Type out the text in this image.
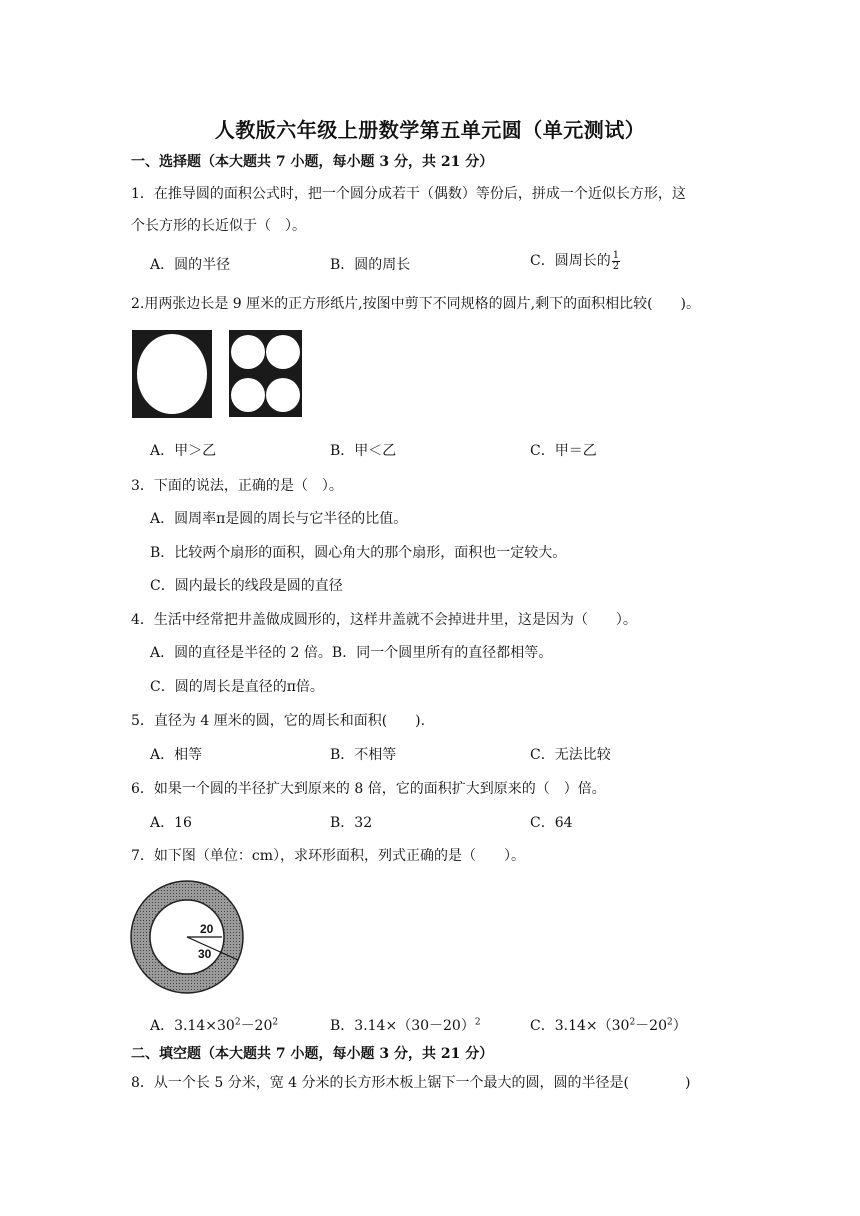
人教版六年级上册数学第五单元圆（单元测试）
一、选择题（本大题共 7 小题，每小题 3 分，共 21 分）
1．在推导圆的面积公式时，把一个圆分成若干（偶数）等份后，拼成一个近似长方形，这
个长方形的长近似于（　）。
A．圆的半径	B．圆的周长	C．圆周长的 $\frac{1}{2}$
2.用两张边长是 9 厘米的正方形纸片,按图中剪下不同规格的圆片,剩下的面积相比较(　　)。
A．甲＞乙	B．甲＜乙	C．甲＝乙
3．下面的说法，正确的是（　）。
A．圆周率π是圆的周长与它半径的比值。
B．比较两个扇形的面积，圆心角大的那个扇形，面积也一定较大。
C．圆内最长的线段是圆的直径
4．生活中经常把井盖做成圆形的，这样井盖就不会掉进井里，这是因为（　　）。
A．圆的直径是半径的 2 倍。B．同一个圆里所有的直径都相等。
C．圆的周长是直径的π倍。
5．直径为 4 厘米的圆，它的周长和面积(　　).
A．相等	B．不相等	C．无法比较
6．如果一个圆的半径扩大到原来的 8 倍，它的面积扩大到原来的（　）倍。
A．16	B．32	C．64
7．如下图（单位：cm），求环形面积，列式正确的是（　　）。
20
30
A．$3.14\times 30^2-20^2$	B．$3.14\times(30-20)^2$	C．$3.14\times(30^2-20^2)$
二、填空题（本大题共 7 小题，每小题 3 分，共 21 分）
8．从一个长 5 分米，宽 4 分米的长方形木板上锯下一个最大的圆，圆的半径是(　　　　)
